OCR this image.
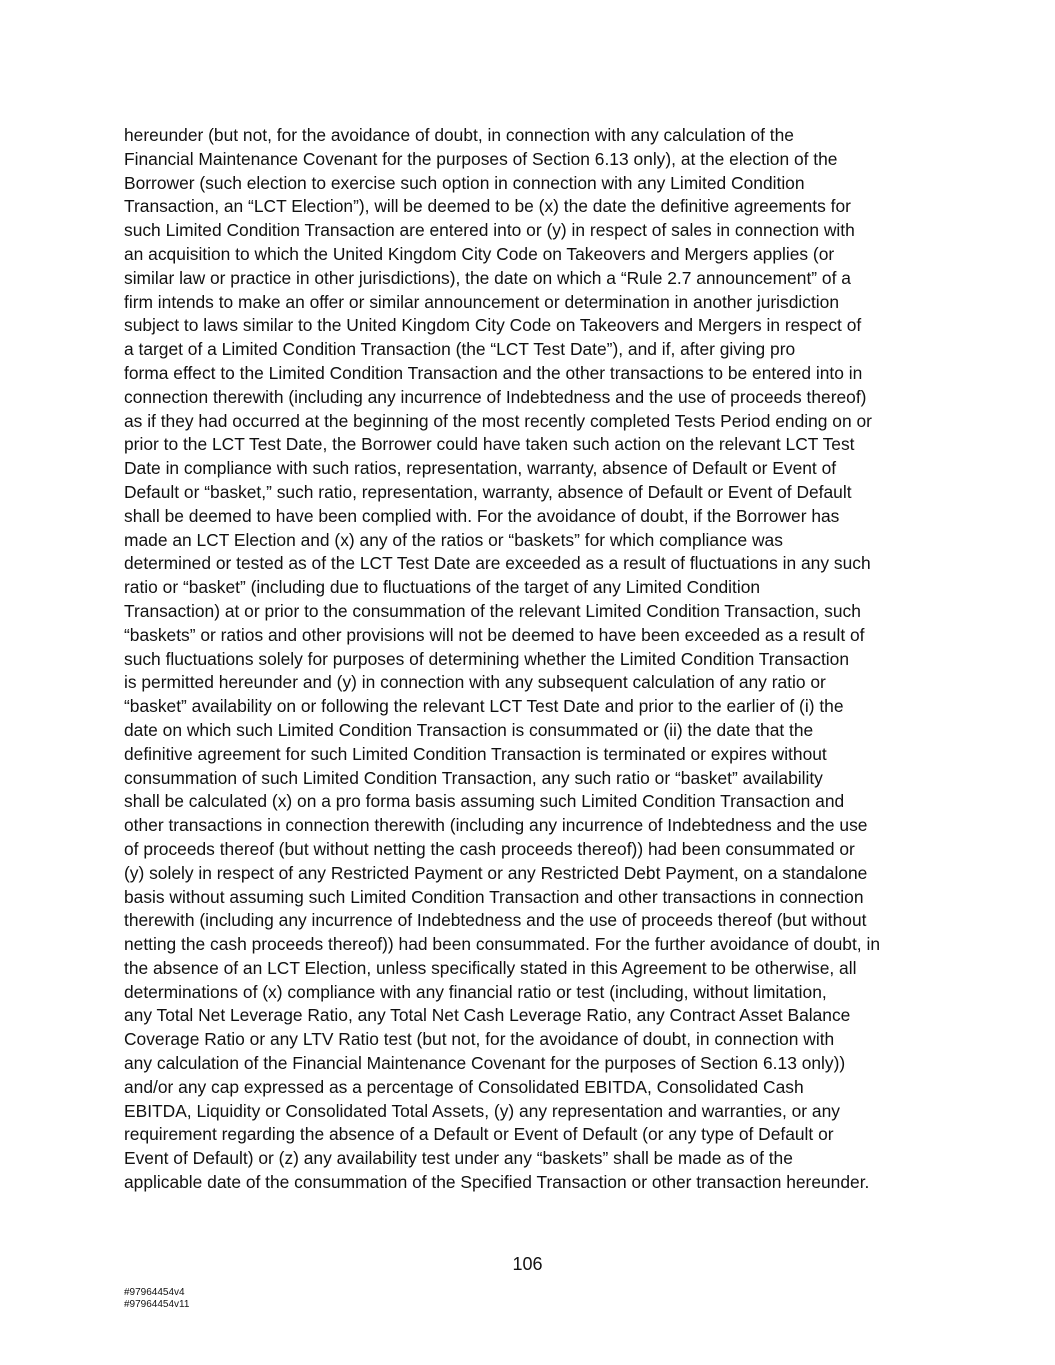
hereunder (but not, for the avoidance of doubt, in connection with any calculation of the
Financial Maintenance Covenant for the purposes of Section 6.13 only), at the election of the
Borrower (such election to exercise such option in connection with any Limited Condition
Transaction, an “LCT Election”), will be deemed to be (x) the date the definitive agreements for
such Limited Condition Transaction are entered into or (y) in respect of sales in connection with
an acquisition to which the United Kingdom City Code on Takeovers and Mergers applies (or
similar law or practice in other jurisdictions), the date on which a “Rule 2.7 announcement” of a
firm intends to make an offer or similar announcement or determination in another jurisdiction
subject to laws similar to the United Kingdom City Code on Takeovers and Mergers in respect of
a target of a Limited Condition Transaction (the “LCT Test Date”), and if, after giving pro
forma effect to the Limited Condition Transaction and the other transactions to be entered into in
connection therewith (including any incurrence of Indebtedness and the use of proceeds thereof)
as if they had occurred at the beginning of the most recently completed Tests Period ending on or
prior to the LCT Test Date, the Borrower could have taken such action on the relevant LCT Test
Date in compliance with such ratios, representation, warranty, absence of Default or Event of
Default or “basket,” such ratio, representation, warranty, absence of Default or Event of Default
shall be deemed to have been complied with. For the avoidance of doubt, if the Borrower has
made an LCT Election and (x) any of the ratios or “baskets” for which compliance was
determined or tested as of the LCT Test Date are exceeded as a result of fluctuations in any such
ratio or “basket” (including due to fluctuations of the target of any Limited Condition
Transaction) at or prior to the consummation of the relevant Limited Condition Transaction, such
“baskets” or ratios and other provisions will not be deemed to have been exceeded as a result of
such fluctuations solely for purposes of determining whether the Limited Condition Transaction
is permitted hereunder and (y) in connection with any subsequent calculation of any ratio or
“basket” availability on or following the relevant LCT Test Date and prior to the earlier of (i) the
date on which such Limited Condition Transaction is consummated or (ii) the date that the
definitive agreement for such Limited Condition Transaction is terminated or expires without
consummation of such Limited Condition Transaction, any such ratio or “basket” availability
shall be calculated (x) on a pro forma basis assuming such Limited Condition Transaction and
other transactions in connection therewith (including any incurrence of Indebtedness and the use
of proceeds thereof (but without netting the cash proceeds thereof)) had been consummated or
(y) solely in respect of any Restricted Payment or any Restricted Debt Payment, on a standalone
basis without assuming such Limited Condition Transaction and other transactions in connection
therewith (including any incurrence of Indebtedness and the use of proceeds thereof (but without
netting the cash proceeds thereof)) had been consummated. For the further avoidance of doubt, in
the absence of an LCT Election, unless specifically stated in this Agreement to be otherwise, all
determinations of (x) compliance with any financial ratio or test (including, without limitation,
any Total Net Leverage Ratio, any Total Net Cash Leverage Ratio, any Contract Asset Balance
Coverage Ratio or any LTV Ratio test (but not, for the avoidance of doubt, in connection with
any calculation of the Financial Maintenance Covenant for the purposes of Section 6.13 only))
and/or any cap expressed as a percentage of Consolidated EBITDA, Consolidated Cash
EBITDA, Liquidity or Consolidated Total Assets, (y) any representation and warranties, or any
requirement regarding the absence of a Default or Event of Default (or any type of Default or
Event of Default) or (z) any availability test under any “baskets” shall be made as of the
applicable date of the consummation of the Specified Transaction or other transaction hereunder.
106
#97964454v4
#97964454v11
